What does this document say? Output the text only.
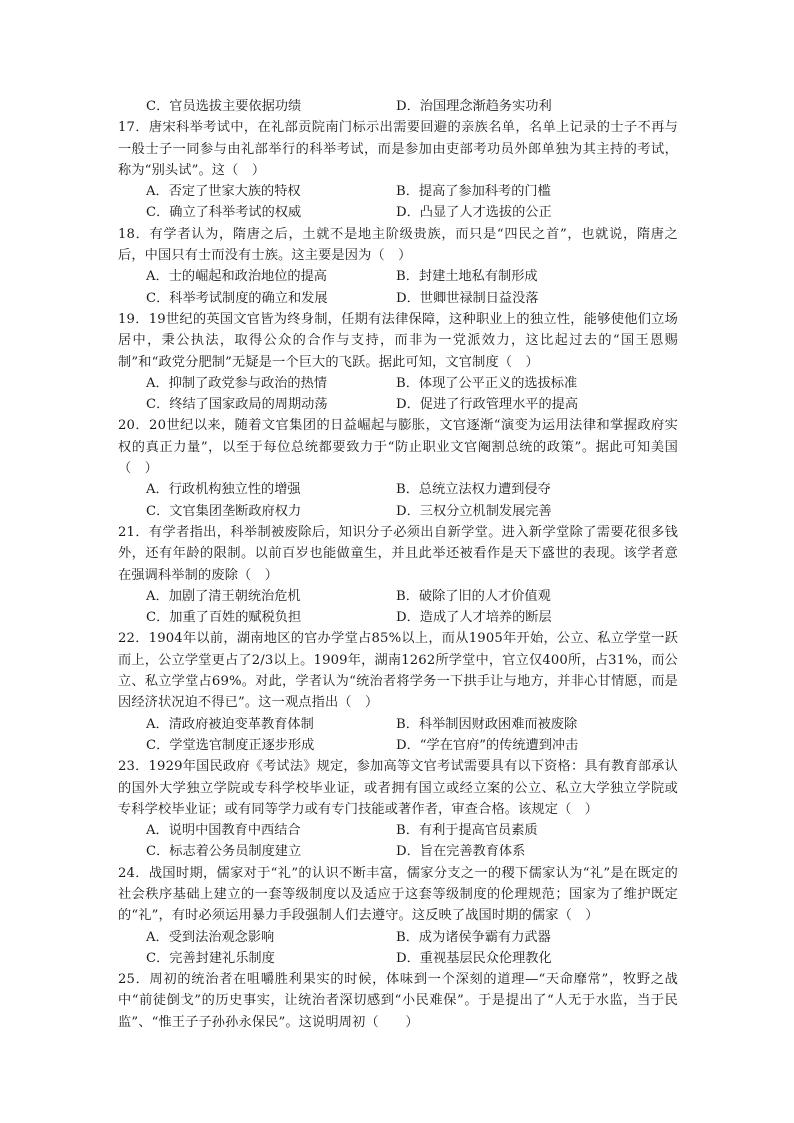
C．官员选拔主要依据功绩	D．治国理念渐趋务实功利
17．唐宋科举考试中，在礼部贡院南门标示出需要回避的亲族名单，名单上记录的士子不再与一般士子一同参与由礼部举行的科举考试，而是参加由吏部考功员外郎单独为其主持的考试，称为“别头试”。这（　）
A．否定了世家大族的特权	B．提高了参加科考的门槛
C．确立了科举考试的权威	D．凸显了人才选拔的公正
18．有学者认为，隋唐之后，土就不是地主阶级贵族，而只是“四民之首”，也就说，隋唐之后，中国只有士而没有士族。这主要是因为（　）
A．士的崛起和政治地位的提高	B．封建土地私有制形成
C．科举考试制度的确立和发展	D．世卿世禄制日益没落
19．19世纪的英国文官皆为终身制，任期有法律保障，这种职业上的独立性，能够使他们立场居中，秉公执法，取得公众的合作与支持，而非为一党派效力，这比起过去的“国王恩赐制”和“政党分肥制”无疑是一个巨大的飞跃。据此可知，文官制度（　）
A．抑制了政党参与政治的热情	B．体现了公平正义的选拔标准
C．终结了国家政局的周期动荡	D．促进了行政管理水平的提高
20．20世纪以来，随着文官集团的日益崛起与膨胀，文官逐渐“演变为运用法律和掌握政府实权的真正力量”，以至于每位总统都要致力于“防止职业文官阉割总统的政策”。据此可知美国（　）
A．行政机构独立性的增强	B．总统立法权力遭到侵夺
C．文官集团垄断政府权力	D．三权分立机制发展完善
21．有学者指出，科举制被废除后，知识分子必须出自新学堂。进入新学堂除了需要花很多钱外，还有年龄的限制。以前百岁也能做童生，并且此举还被看作是天下盛世的表现。该学者意在强调科举制的废除（　）
A．加剧了清王朝统治危机	B．破除了旧的人才价值观
C．加重了百姓的赋税负担	D．造成了人才培养的断层
22．1904年以前，湖南地区的官办学堂占85%以上，而从1905年开始，公立、私立学堂一跃而上，公立学堂更占了2/3以上。1909年，湖南1262所学堂中，官立仅400所，占31%，而公立、私立学堂占69%。对此，学者认为“统治者将学务一下拱手让与地方，并非心甘情愿，而是因经济状况迫不得已”。这一观点指出（　）
A．清政府被迫变革教育体制	B．科举制因财政困难而被废除
C．学堂选官制度正逐步形成	D．“学在官府”的传统遭到冲击
23．1929年国民政府《考试法》规定，参加高等文官考试需要具有以下资格：具有教育部承认的国外大学独立学院或专科学校毕业证，或者拥有国立或经立案的公立、私立大学独立学院或专科学校毕业证；或有同等学力或有专门技能或著作者，审查合格。该规定（　）
A．说明中国教育中西结合	B．有利于提高官员素质
C．标志着公务员制度建立	D．旨在完善教育体系
24．战国时期，儒家对于“礼”的认识不断丰富，儒家分支之一的稷下儒家认为“礼”是在既定的社会秩序基础上建立的一套等级制度以及适应于这套等级制度的伦理规范；国家为了维护既定的“礼”，有时必须运用暴力手段强制人们去遵守。这反映了战国时期的儒家（　）
A．受到法治观念影响	B．成为诸侯争霸有力武器
C．完善封建礼乐制度	D．重视基层民众伦理教化
25．周初的统治者在咀嚼胜利果实的时候，体味到一个深刻的道理—“天命靡常”，牧野之战中“前徒倒戈”的历史事实，让统治者深切感到“小民难保”。于是提出了“人无于水监，当于民监”、“惟王子子孙孙永保民”。这说明周初（　　）
